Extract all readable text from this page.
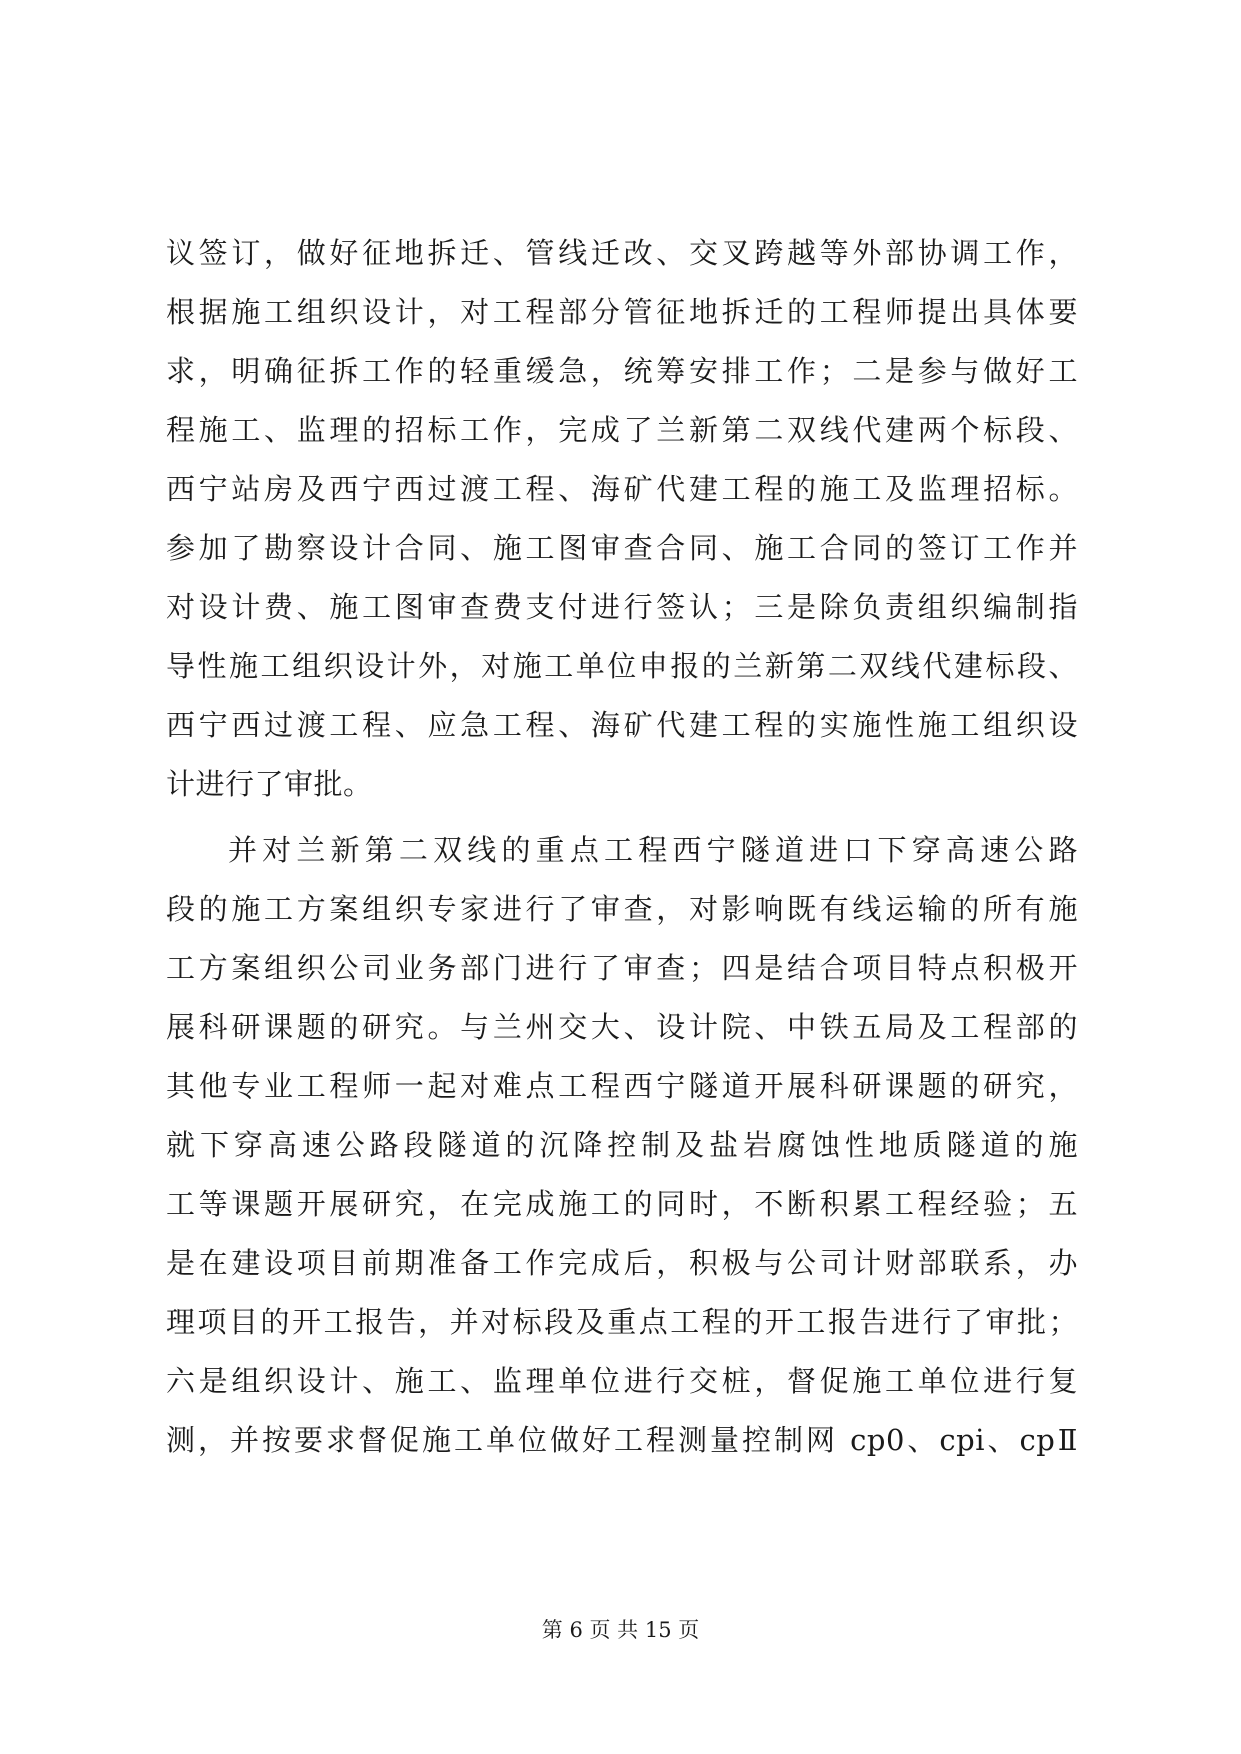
议签订，做好征地拆迁、管线迁改、交叉跨越等外部协调工作，
根据施工组织设计，对工程部分管征地拆迁的工程师提出具体要
求，明确征拆工作的轻重缓急，统筹安排工作；二是参与做好工
程施工、监理的招标工作，完成了兰新第二双线代建两个标段、
西宁站房及西宁西过渡工程、海矿代建工程的施工及监理招标。
参加了勘察设计合同、施工图审查合同、施工合同的签订工作并
对设计费、施工图审查费支付进行签认；三是除负责组织编制指
导性施工组织设计外，对施工单位申报的兰新第二双线代建标段、
西宁西过渡工程、应急工程、海矿代建工程的实施性施工组织设
计进行了审批。
并对兰新第二双线的重点工程西宁隧道进口下穿高速公路
段的施工方案组织专家进行了审查，对影响既有线运输的所有施
工方案组织公司业务部门进行了审查；四是结合项目特点积极开
展科研课题的研究。与兰州交大、设计院、中铁五局及工程部的
其他专业工程师一起对难点工程西宁隧道开展科研课题的研究，
就下穿高速公路段隧道的沉降控制及盐岩腐蚀性地质隧道的施
工等课题开展研究，在完成施工的同时，不断积累工程经验；五
是在建设项目前期准备工作完成后，积极与公司计财部联系，办
理项目的开工报告，并对标段及重点工程的开工报告进行了审批；
六是组织设计、施工、监理单位进行交桩，督促施工单位进行复
测，并按要求督促施工单位做好工程测量控制网 cp0、cpi、cpⅡ
第 6 页 共 15 页
